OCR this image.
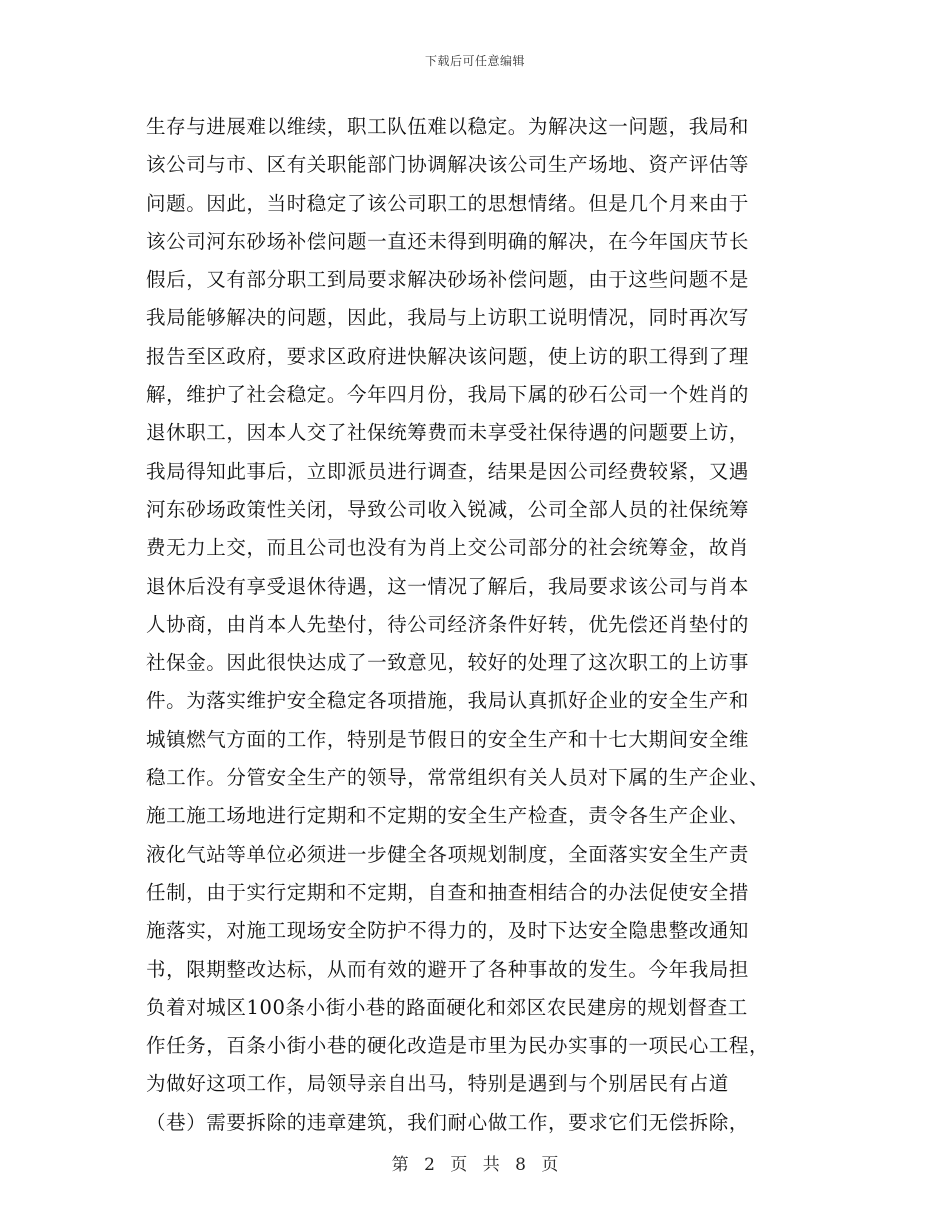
下载后可任意编辑
生存与进展难以维续，职工队伍难以稳定。为解决这一问题，我局和
该公司与市、区有关职能部门协调解决该公司生产场地、资产评估等
问题。因此，当时稳定了该公司职工的思想情绪。但是几个月来由于
该公司河东砂场补偿问题一直还未得到明确的解决，在今年国庆节长
假后，又有部分职工到局要求解决砂场补偿问题，由于这些问题不是
我局能够解决的问题，因此，我局与上访职工说明情况，同时再次写
报告至区政府，要求区政府进快解决该问题，使上访的职工得到了理
解，维护了社会稳定。今年四月份，我局下属的砂石公司一个姓肖的
退休职工，因本人交了社保统筹费而未享受社保待遇的问题要上访，
我局得知此事后，立即派员进行调查，结果是因公司经费较紧，又遇
河东砂场政策性关闭，导致公司收入锐减，公司全部人员的社保统筹
费无力上交，而且公司也没有为肖上交公司部分的社会统筹金，故肖
退休后没有享受退休待遇，这一情况了解后，我局要求该公司与肖本
人协商，由肖本人先垫付，待公司经济条件好转，优先偿还肖垫付的
社保金。因此很快达成了一致意见，较好的处理了这次职工的上访事
件。为落实维护安全稳定各项措施，我局认真抓好企业的安全生产和
城镇燃气方面的工作，特别是节假日的安全生产和十七大期间安全维
稳工作。分管安全生产的领导，常常组织有关人员对下属的生产企业、
施工施工场地进行定期和不定期的安全生产检查，责令各生产企业、
液化气站等单位必须进一步健全各项规划制度，全面落实安全生产责
任制，由于实行定期和不定期，自查和抽查相结合的办法促使安全措
施落实，对施工现场安全防护不得力的，及时下达安全隐患整改通知
书，限期整改达标，从而有效的避开了各种事故的发生。今年我局担
负着对城区100条小街小巷的路面硬化和郊区农民建房的规划督查工
作任务，百条小街小巷的硬化改造是市里为民办实事的一项民心工程，
为做好这项工作，局领导亲自出马，特别是遇到与个别居民有占道
（巷）需要拆除的违章建筑，我们耐心做工作，要求它们无偿拆除，
第 2 页 共 8 页
